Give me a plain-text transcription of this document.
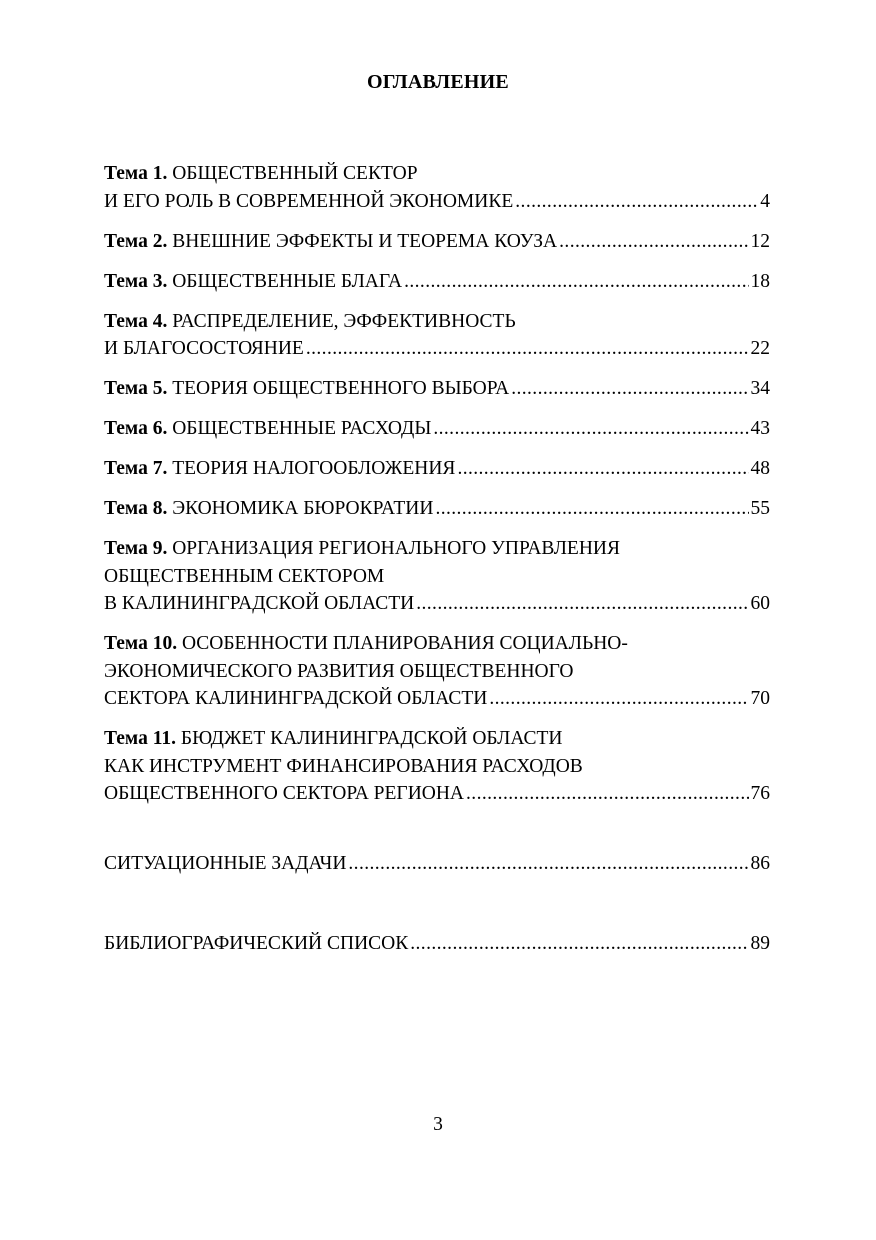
ОГЛАВЛЕНИЕ
Тема 1. ОБЩЕСТВЕННЫЙ СЕКТОР
И ЕГО РОЛЬ В СОВРЕМЕННОЙ ЭКОНОМИКЕ .....	4
Тема 2. ВНЕШНИЕ ЭФФЕКТЫ И ТЕОРЕМА КОУЗА .....	12
Тема 3. ОБЩЕСТВЕННЫЕ БЛАГА .....	18
Тема 4. РАСПРЕДЕЛЕНИЕ, ЭФФЕКТИВНОСТЬ
И БЛАГОСОСТОЯНИЕ .....	22
Тема 5. ТЕОРИЯ ОБЩЕСТВЕННОГО ВЫБОРА .....	34
Тема 6. ОБЩЕСТВЕННЫЕ РАСХОДЫ .....	43
Тема 7. ТЕОРИЯ НАЛОГООБЛОЖЕНИЯ .....	48
Тема 8. ЭКОНОМИКА БЮРОКРАТИИ .....	55
Тема 9. ОРГАНИЗАЦИЯ РЕГИОНАЛЬНОГО УПРАВЛЕНИЯ
ОБЩЕСТВЕННЫМ СЕКТОРОМ
В КАЛИНИНГРАДСКОЙ ОБЛАСТИ .....	60
Тема 10. ОСОБЕННОСТИ ПЛАНИРОВАНИЯ СОЦИАЛЬНО-
ЭКОНОМИЧЕСКОГО РАЗВИТИЯ ОБЩЕСТВЕННОГО
СЕКТОРА КАЛИНИНГРАДСКОЙ ОБЛАСТИ .....	70
Тема 11. БЮДЖЕТ КАЛИНИНГРАДСКОЙ ОБЛАСТИ
КАК ИНСТРУМЕНТ ФИНАНСИРОВАНИЯ РАСХОДОВ
ОБЩЕСТВЕННОГО СЕКТОРА РЕГИОНА .....	76
СИТУАЦИОННЫЕ ЗАДАЧИ .....	86
БИБЛИОГРАФИЧЕСКИЙ СПИСОК .....	89
3
